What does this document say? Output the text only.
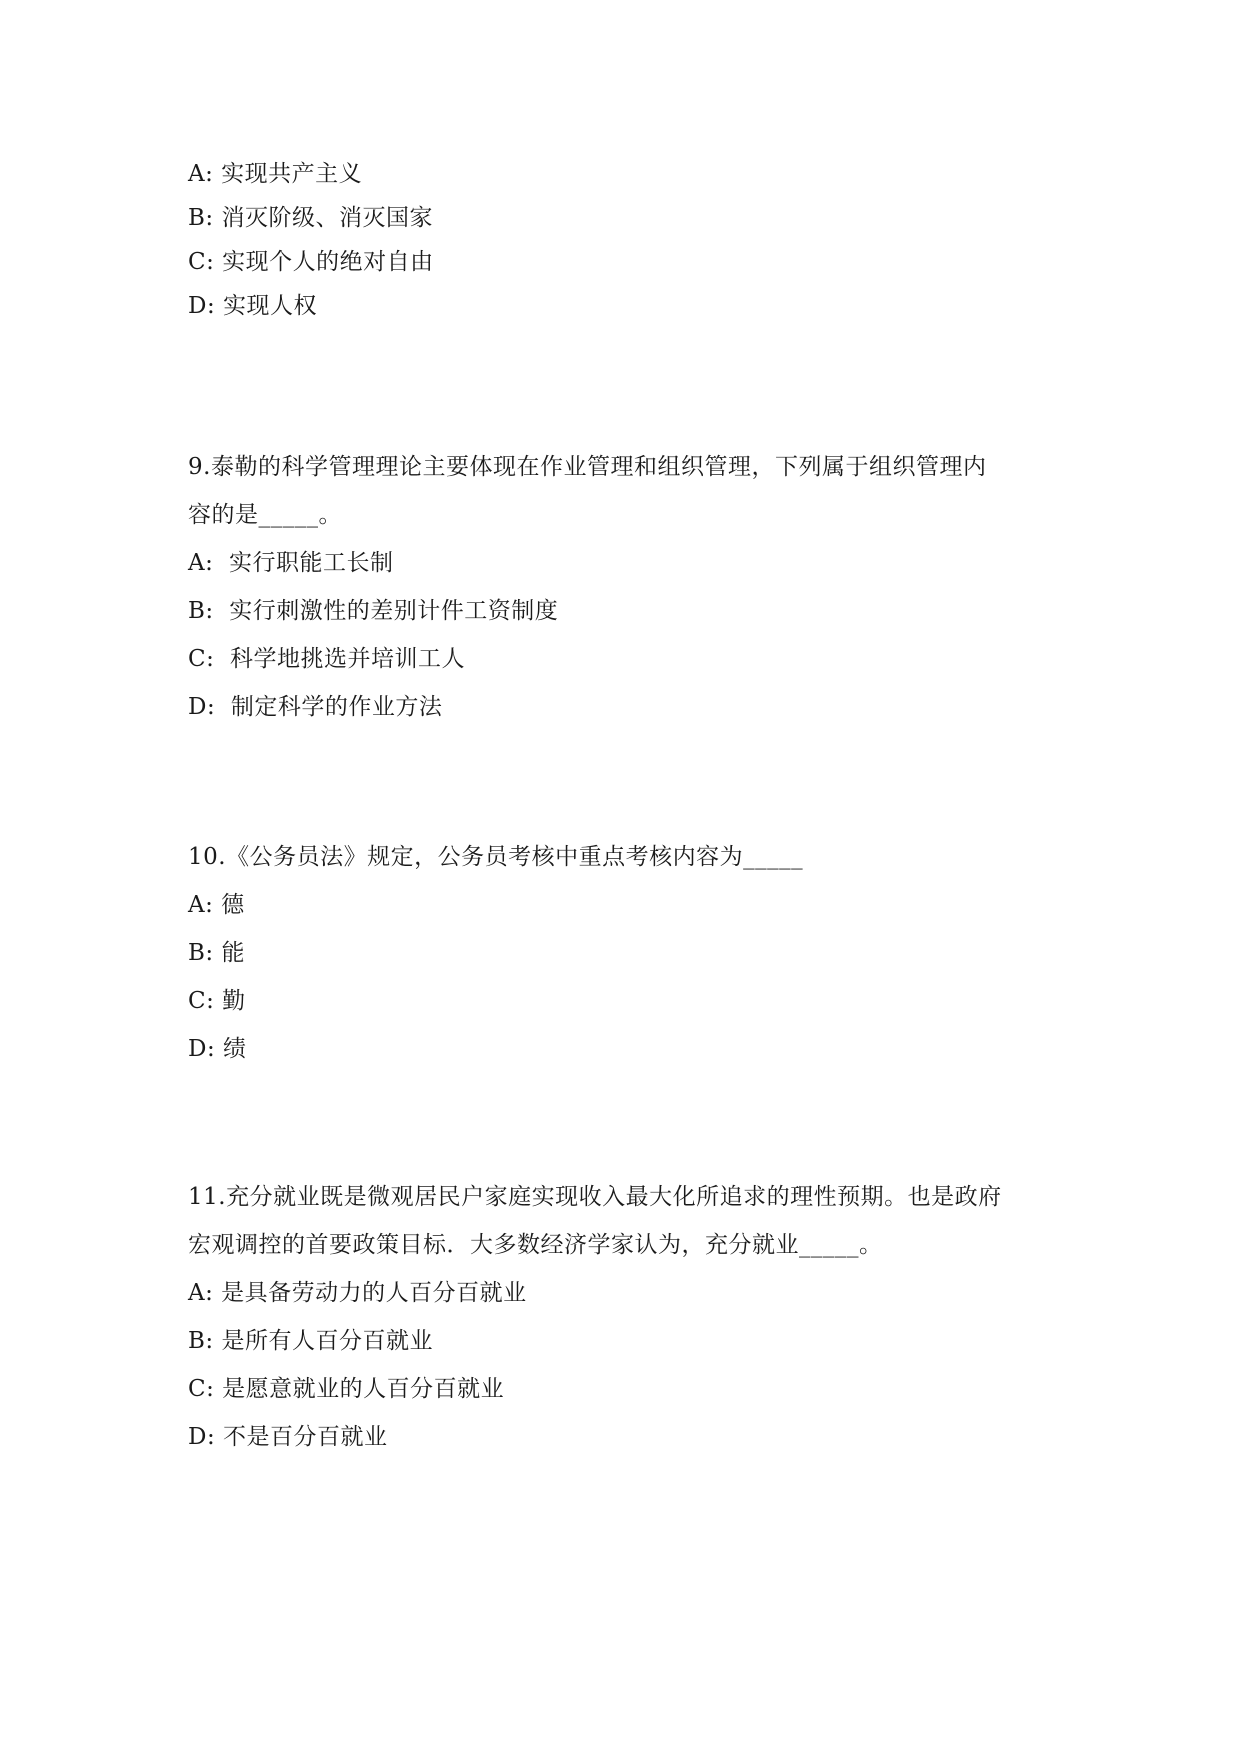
A: 实现共产主义
B: 消灭阶级、消灭国家
C: 实现个人的绝对自由
D: 实现人权
9.泰勒的科学管理理论主要体现在作业管理和组织管理，下列属于组织管理内
容的是_____。
A: 实行职能工长制
B: 实行刺激性的差别计件工资制度
C: 科学地挑选并培训工人
D: 制定科学的作业方法
10.《公务员法》规定，公务员考核中重点考核内容为_____
A: 德
B: 能
C: 勤
D: 绩
11.充分就业既是微观居民户家庭实现收入最大化所追求的理性预期。也是政府
宏观调控的首要政策目标．大多数经济学家认为，充分就业_____。
A: 是具备劳动力的人百分百就业
B: 是所有人百分百就业
C: 是愿意就业的人百分百就业
D: 不是百分百就业
